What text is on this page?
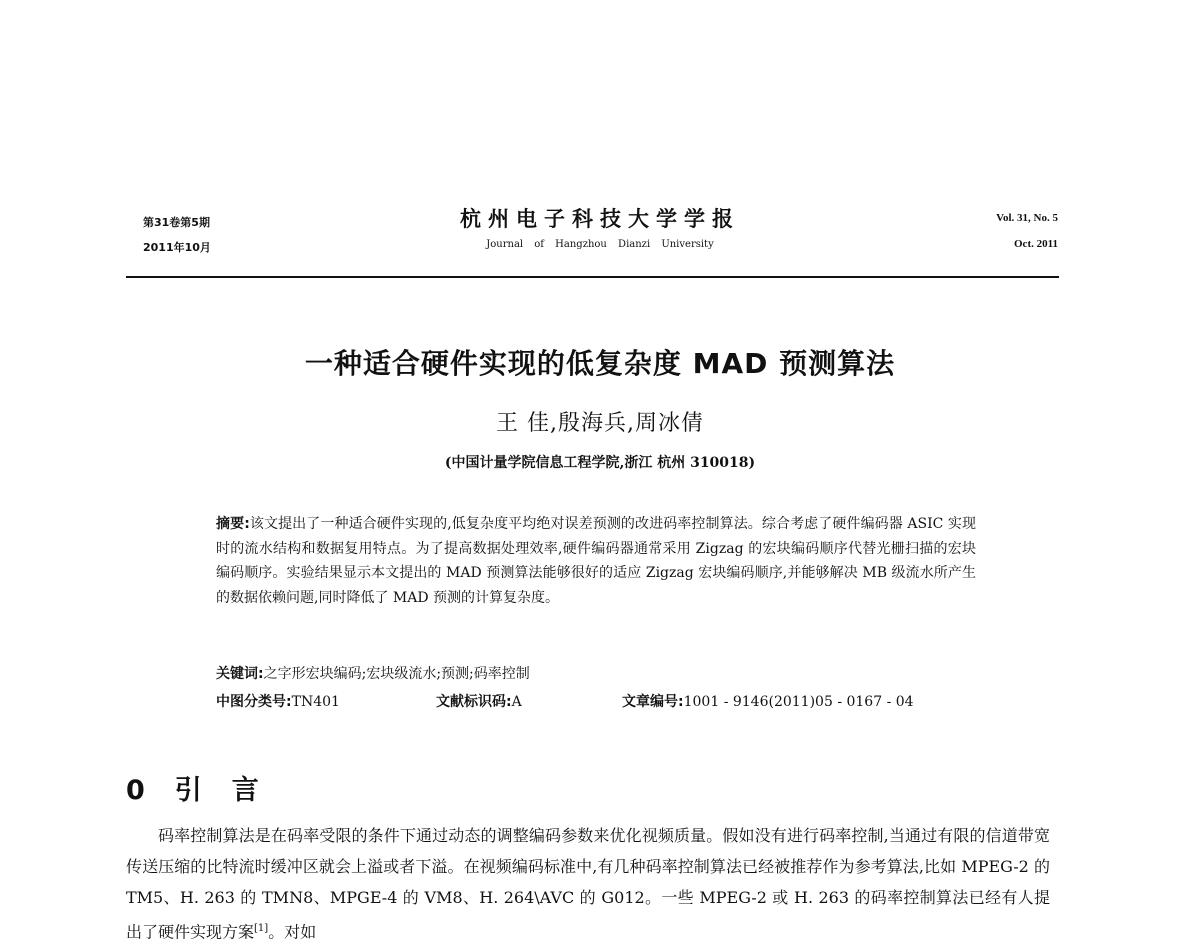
第31卷第5期
2011年10月
杭州电子科技大学学报
Journal of Hangzhou Dianzi University
Vol. 31, No. 5
Oct. 2011
一种适合硬件实现的低复杂度 MAD 预测算法
王 佳,殷海兵,周冰倩
(中国计量学院信息工程学院,浙江 杭州 310018)
摘要:该文提出了一种适合硬件实现的,低复杂度平均绝对误差预测的改进码率控制算法。综合考虑了硬件编码器 ASIC 实现时的流水结构和数据复用特点。为了提高数据处理效率,硬件编码器通常采用 Zigzag 的宏块编码顺序代替光栅扫描的宏块编码顺序。实验结果显示本文提出的 MAD 预测算法能够很好的适应 Zigzag 宏块编码顺序,并能够解决 MB 级流水所产生的数据依赖问题,同时降低了 MAD 预测的计算复杂度。
关键词:之字形宏块编码;宏块级流水;预测;码率控制
中图分类号:TN401	文献标识码:A	文章编号:1001 - 9146(2011)05 - 0167 - 04
0 引 言
码率控制算法是在码率受限的条件下通过动态的调整编码参数来优化视频质量。假如没有进行码率控制,当通过有限的信道带宽传送压缩的比特流时缓冲区就会上溢或者下溢。在视频编码标准中,有几种码率控制算法已经被推荐作为参考算法,比如 MPEG-2 的 TM5、H. 263 的 TMN8、MPGE-4 的 VM8、H. 264\AVC 的 G012。一些 MPEG-2 或 H. 263 的码率控制算法已经有人提出了硬件实现方案[1]。对如
